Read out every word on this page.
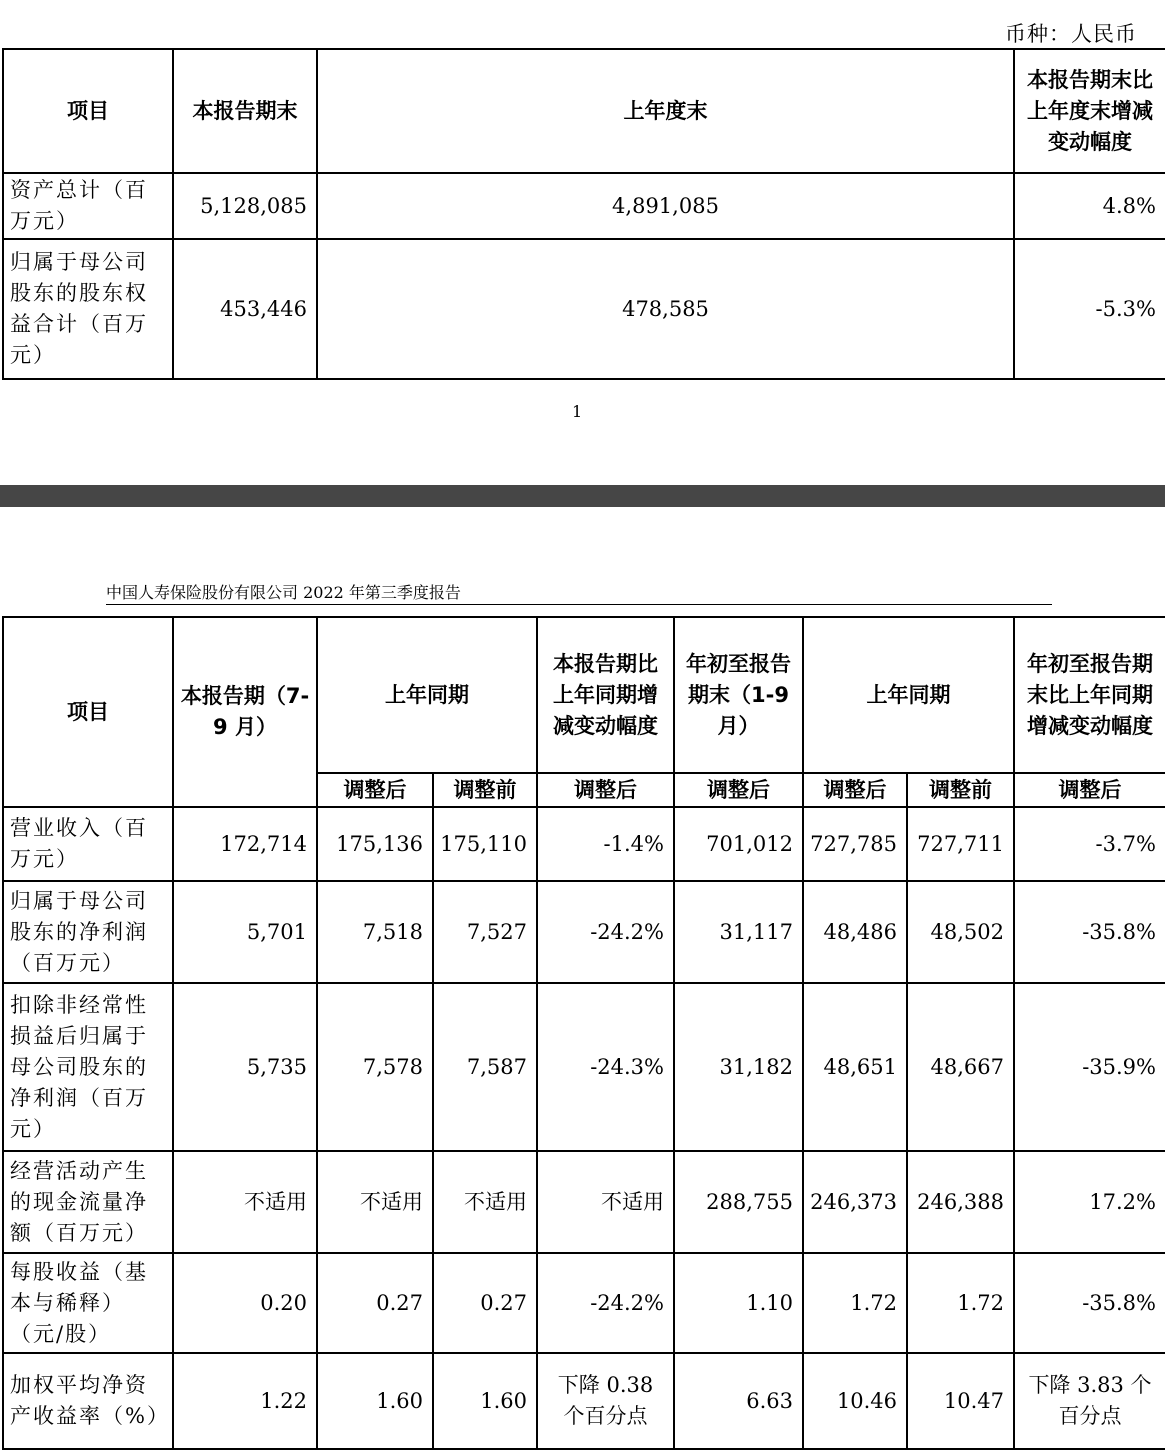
币种：人民币
项目	本报告期末	上年度末	本报告期末比上年度末增减变动幅度
资产总计（百万元）	5,128,085	4,891,085	4.8%
归属于母公司股东的股东权益合计（百万元）	453,446	478,585	-5.3%
1
中国人寿保险股份有限公司 2022 年第三季度报告
项目	本报告期（7-9 月）	上年同期		本报告期比上年同期增减变动幅度	年初至报告期末（1-9 月）	上年同期		年初至报告期末比上年同期增减变动幅度
		调整后	调整前	调整后	调整后	调整后	调整前	调整后
营业收入（百万元）	172,714	175,136	175,110	-1.4%	701,012	727,785	727,711	-3.7%
归属于母公司股东的净利润（百万元）	5,701	7,518	7,527	-24.2%	31,117	48,486	48,502	-35.8%
扣除非经常性损益后归属于母公司股东的净利润（百万元）	5,735	7,578	7,587	-24.3%	31,182	48,651	48,667	-35.9%
经营活动产生的现金流量净额（百万元）	不适用	不适用	不适用	不适用	288,755	246,373	246,388	17.2%
每股收益（基本与稀释）（元/股）	0.20	0.27	0.27	-24.2%	1.10	1.72	1.72	-35.8%
加权平均净资产收益率（%）	1.22	1.60	1.60	下降 0.38 个百分点	6.63	10.46	10.47	下降 3.83 个百分点
